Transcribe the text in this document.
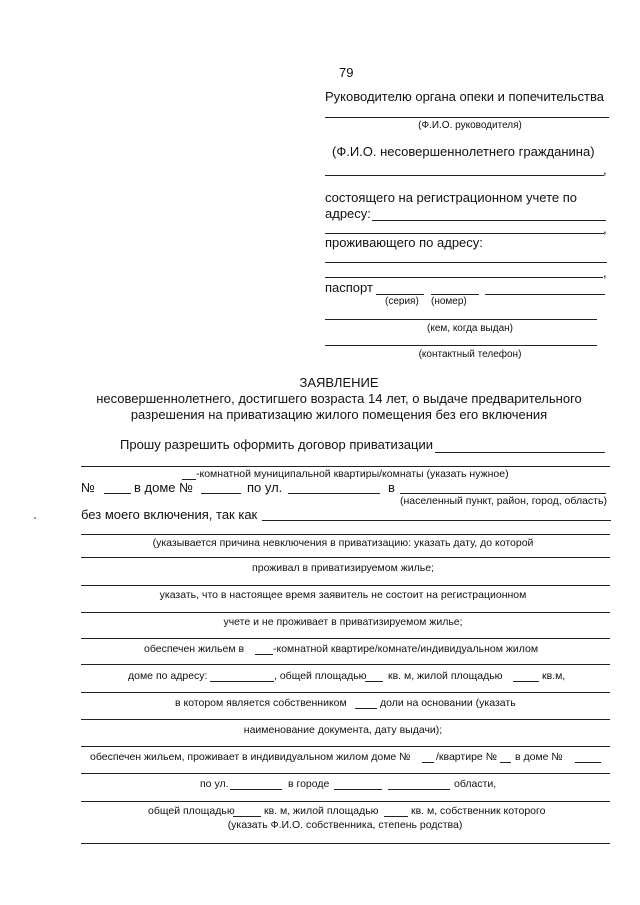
79
Руководителю органа опеки и попечительства
(Ф.И.О. руководителя)
(Ф.И.О. несовершеннолетнего гражданина)
,
состоящего на регистрационном учете по
адресу:
,
проживающего по адресу:
,
паспорт
(серия) (номер)
(кем, когда выдан)
(контактный телефон)
ЗАЯВЛЕНИЕ
несовершеннолетнего, достигшего возраста 14 лет, о выдаче предварительного
разрешения на приватизацию жилого помещения без его включения
Прошу разрешить оформить договор приватизации
-комнатной муниципальной квартиры/комнаты (указать нужное)
№	в доме №	по ул.	в
(населенный пункт, район, город, область)
без моего включения, так как
(указывается причина невключения в приватизацию: указать дату, до которой
проживал в приватизируемом жилье;
указать, что в настоящее время заявитель не состоит на регистрационном
учете и не проживает в приватизируемом жилье;
обеспечен жильем в	-комнатной квартире/комнате/индивидуальном жилом
доме по адресу:	, общей площадью кв. м, жилой площадью	кв.м,
в котором является собственником	доли на основании (указать
наименование документа, дату выдачи);
обеспечен жильем, проживает в индивидуальном жилом доме № /квартире № в доме №
по ул.	в городе	области,
общей площадью	кв. м, жилой площадью	кв. м, собственник которого
(указать Ф.И.О. собственника, степень родства)
